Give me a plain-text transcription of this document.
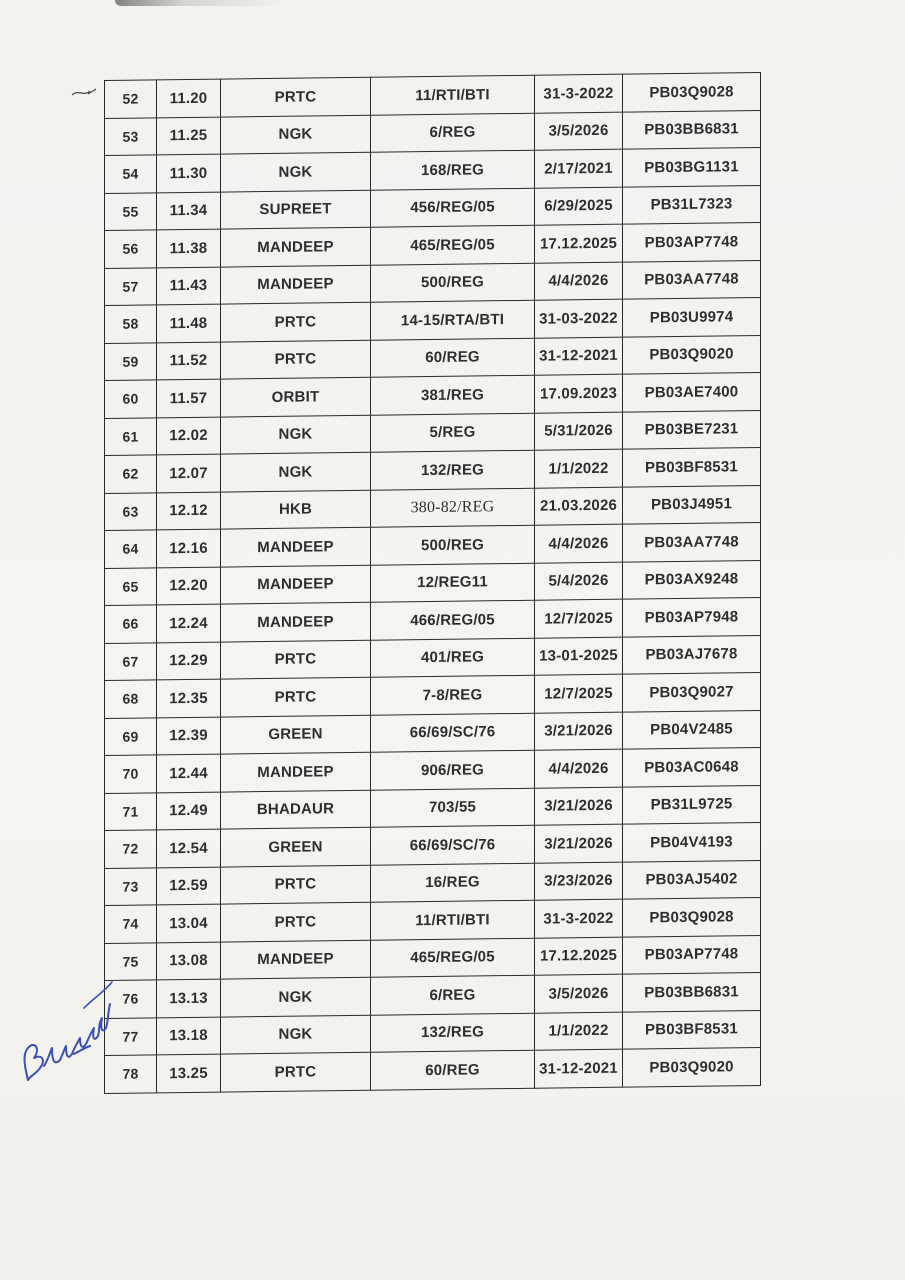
52	11.20	PRTC	11/RTI/BTI	31-3-2022	PB03Q9028
53	11.25	NGK	6/REG	3/5/2026	PB03BB6831
54	11.30	NGK	168/REG	2/17/2021	PB03BG1131
55	11.34	SUPREET	456/REG/05	6/29/2025	PB31L7323
56	11.38	MANDEEP	465/REG/05	17.12.2025	PB03AP7748
57	11.43	MANDEEP	500/REG	4/4/2026	PB03AA7748
58	11.48	PRTC	14-15/RTA/BTI	31-03-2022	PB03U9974
59	11.52	PRTC	60/REG	31-12-2021	PB03Q9020
60	11.57	ORBIT	381/REG	17.09.2023	PB03AE7400
61	12.02	NGK	5/REG	5/31/2026	PB03BE7231
62	12.07	NGK	132/REG	1/1/2022	PB03BF8531
63	12.12	HKB	380-82/REG	21.03.2026	PB03J4951
64	12.16	MANDEEP	500/REG	4/4/2026	PB03AA7748
65	12.20	MANDEEP	12/REG11	5/4/2026	PB03AX9248
66	12.24	MANDEEP	466/REG/05	12/7/2025	PB03AP7948
67	12.29	PRTC	401/REG	13-01-2025	PB03AJ7678
68	12.35	PRTC	7-8/REG	12/7/2025	PB03Q9027
69	12.39	GREEN	66/69/SC/76	3/21/2026	PB04V2485
70	12.44	MANDEEP	906/REG	4/4/2026	PB03AC0648
71	12.49	BHADAUR	703/55	3/21/2026	PB31L9725
72	12.54	GREEN	66/69/SC/76	3/21/2026	PB04V4193
73	12.59	PRTC	16/REG	3/23/2026	PB03AJ5402
74	13.04	PRTC	11/RTI/BTI	31-3-2022	PB03Q9028
75	13.08	MANDEEP	465/REG/05	17.12.2025	PB03AP7748
76	13.13	NGK	6/REG	3/5/2026	PB03BB6831
77	13.18	NGK	132/REG	1/1/2022	PB03BF8531
78	13.25	PRTC	60/REG	31-12-2021	PB03Q9020
